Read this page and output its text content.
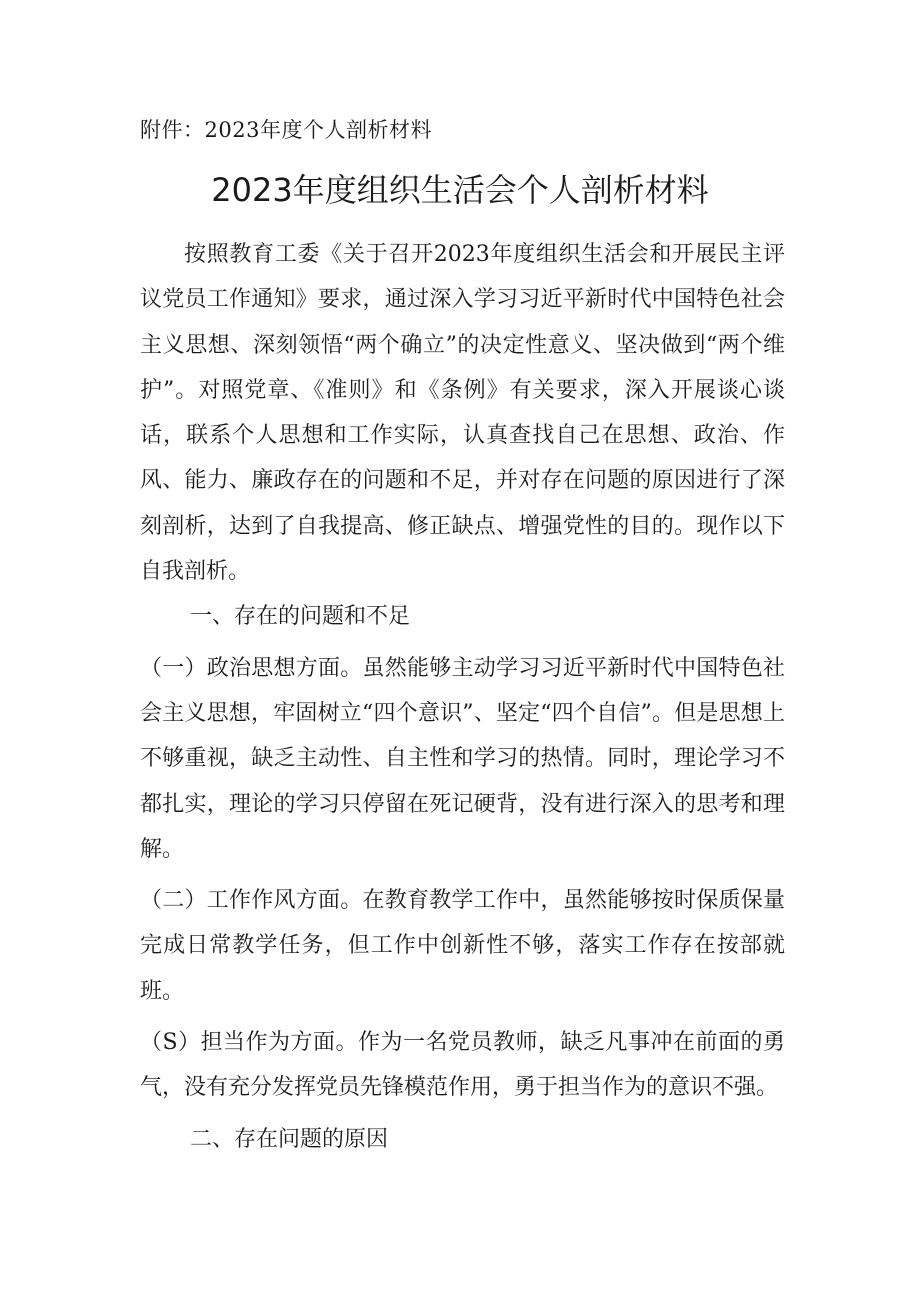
附件：2023年度个人剖析材料
2023年度组织生活会个人剖析材料

按照教育工委《关于召开2023年度组织生活会和开展民主评议党员工作通知》要求，通过深入学习习近平新时代中国特色社会主义思想、深刻领悟“两个确立”的决定性意义、坚决做到“两个维护”。对照党章、《准则》和《条例》有关要求，深入开展谈心谈话，联系个人思想和工作实际，认真查找自己在思想、政治、作风、能力、廉政存在的问题和不足，并对存在问题的原因进行了深刻剖析，达到了自我提高、修正缺点、增强党性的目的。现作以下自我剖析。

一、存在的问题和不足

（一）政治思想方面。虽然能够主动学习习近平新时代中国特色社会主义思想，牢固树立“四个意识”、坚定“四个自信”。但是思想上不够重视，缺乏主动性、自主性和学习的热情。同时，理论学习不都扎实，理论的学习只停留在死记硬背，没有进行深入的思考和理解。

（二）工作作风方面。在教育教学工作中，虽然能够按时保质保量完成日常教学任务，但工作中创新性不够，落实工作存在按部就班。

（S）担当作为方面。作为一名党员教师，缺乏凡事冲在前面的勇气，没有充分发挥党员先锋模范作用，勇于担当作为的意识不强。

二、存在问题的原因
